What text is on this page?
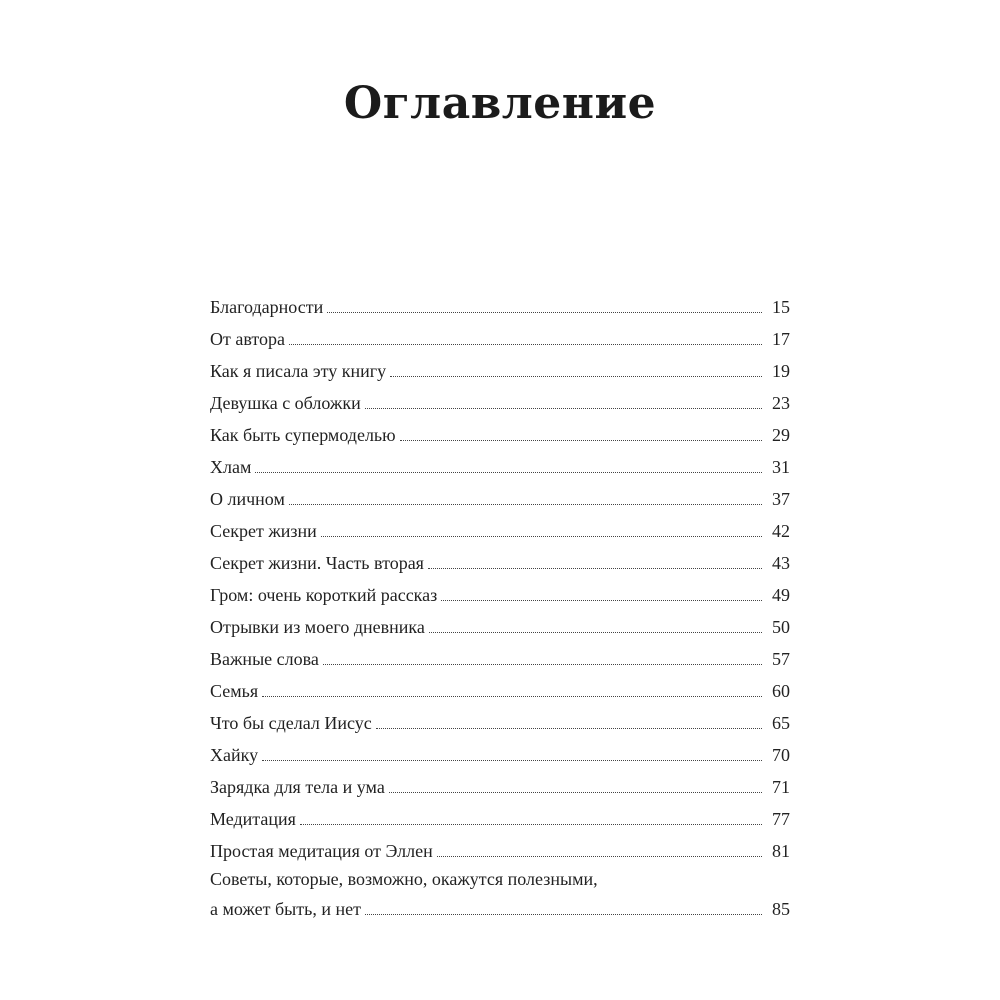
Оглавление
Благодарности	15
От автора	17
Как я писала эту книгу	19
Девушка с обложки	23
Как быть супермоделью	29
Хлам	31
О личном	37
Секрет жизни	42
Секрет жизни. Часть вторая	43
Гром: очень короткий рассказ	49
Отрывки из моего дневника	50
Важные слова	57
Семья	60
Что бы сделал Иисус	65
Хайку	70
Зарядка для тела и ума	71
Медитация	77
Простая медитация от Эллен	81
Советы, которые, возможно, окажутся полезными,
а может быть, и нет	85
